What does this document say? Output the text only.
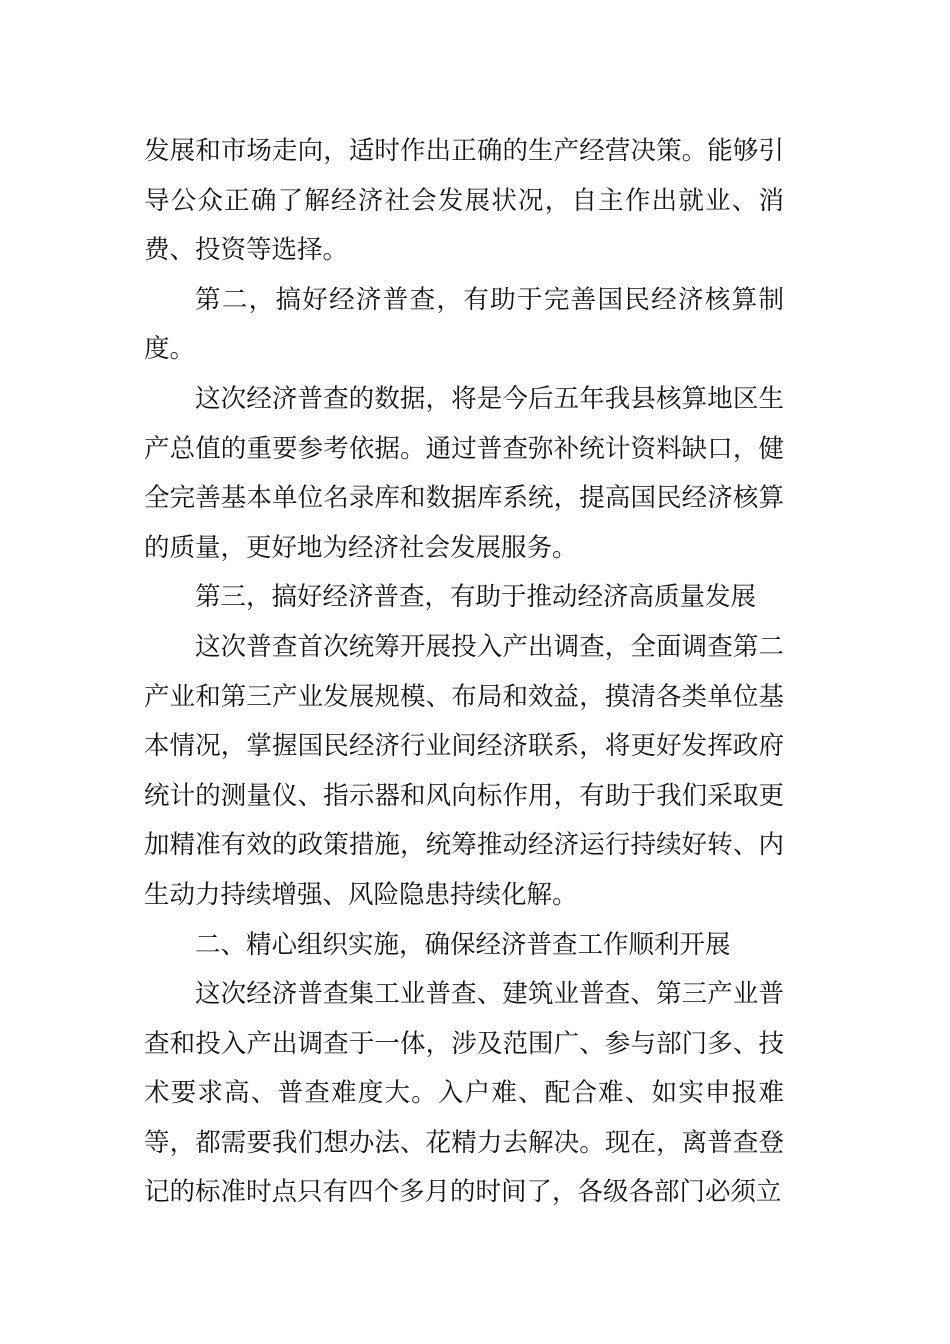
发展和市场走向，适时作出正确的生产经营决策。能够引导公众正确了解经济社会发展状况，自主作出就业、消费、投资等选择。

第二，搞好经济普查，有助于完善国民经济核算制度。

这次经济普查的数据，将是今后五年我县核算地区生产总值的重要参考依据。通过普查弥补统计资料缺口，健全完善基本单位名录库和数据库系统，提高国民经济核算的质量，更好地为经济社会发展服务。

第三，搞好经济普查，有助于推动经济高质量发展

这次普查首次统筹开展投入产出调查，全面调查第二产业和第三产业发展规模、布局和效益，摸清各类单位基本情况，掌握国民经济行业间经济联系，将更好发挥政府统计的测量仪、指示器和风向标作用，有助于我们采取更加精准有效的政策措施，统筹推动经济运行持续好转、内生动力持续增强、风险隐患持续化解。

二、精心组织实施，确保经济普查工作顺利开展

这次经济普查集工业普查、建筑业普查、第三产业普查和投入产出调查于一体，涉及范围广、参与部门多、技术要求高、普查难度大。入户难、配合难、如实申报难等，都需要我们想办法、花精力去解决。现在，离普查登记的标准时点只有四个多月的时间了，各级各部门必须立
